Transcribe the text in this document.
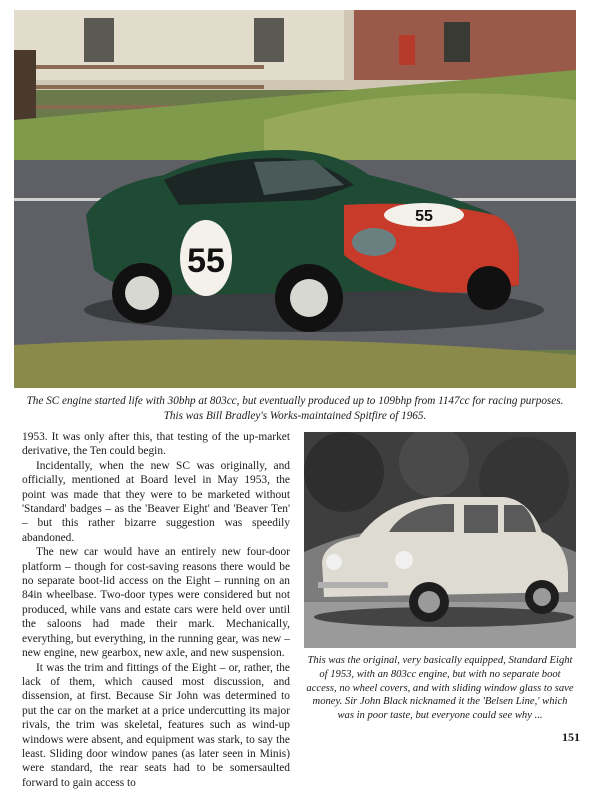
55
55
The SC engine started life with 30bhp at 803cc, but eventually produced up to 109bhp from 1147cc for racing purposes.
This was Bill Bradley's Works-maintained Spitfire of 1965.

1953. It was only after this, that testing of the up-market derivative, the Ten could begin.

Incidentally, when the new SC was originally, and officially, mentioned at Board level in May 1953, the point was made that they were to be marketed without 'Standard' badges – as the 'Beaver Eight' and 'Beaver Ten' – but this rather bizarre suggestion was speedily abandoned.

The new car would have an entirely new four-door platform – though for cost-saving reasons there would be no separate boot-lid access on the Eight – running on an 84in wheelbase. Two-door types were considered but not produced, while vans and estate cars were held over until the saloons had made their mark. Mechanically, everything, but everything, in the running gear, was new – new engine, new gearbox, new axle, and new suspension.

It was the trim and fittings of the Eight – or, rather, the lack of them, which caused most discussion, and dissension, at first. Because Sir John was determined to put the car on the market at a price undercutting its major rivals, the trim was skeletal, features such as wind-up windows were absent, and equipment was stark, to say the least. Sliding door window panes (as later seen in Minis) were standard, the rear seats had to be somersaulted forward to gain access to

This was the original, very basically equipped, Standard Eight of 1953, with an 803cc engine, but with no separate boot access, no wheel covers, and with sliding window glass to save money. Sir John Black nicknamed it the 'Belsen Line,' which was in poor taste, but everyone could see why ...
151
